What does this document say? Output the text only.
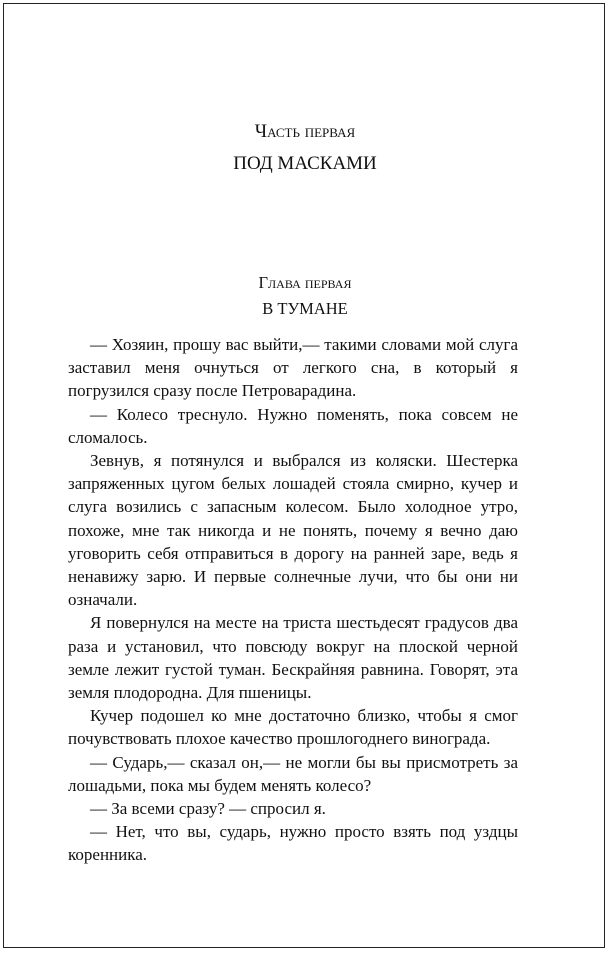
Часть первая
ПОД МАСКАМИ
Глава первая
В ТУМАНЕ

— Хозяин, прошу вас выйти,— такими словами мой слуга заставил меня очнуться от легкого сна, в который я погрузился сразу после Петроварадина.

— Колесо треснуло. Нужно поменять, пока совсем не сломалось.

Зевнув, я потянулся и выбрался из коляски. Шестерка запряженных цугом белых лошадей стояла смирно, кучер и слуга возились с запасным колесом. Было холодное утро, похоже, мне так никогда и не понять, почему я вечно даю уговорить себя отправиться в дорогу на ранней заре, ведь я ненавижу зарю. И первые солнечные лучи, что бы они ни означали.

Я повернулся на месте на триста шестьдесят градусов два раза и установил, что повсюду вокруг на плоской черной земле лежит густой туман. Бескрайняя равнина. Говорят, эта земля плодородна. Для пшеницы.

Кучер подошел ко мне достаточно близко, чтобы я смог почувствовать плохое качество прошлогоднего винограда.

— Сударь,— сказал он,— не могли бы вы присмотреть за лошадьми, пока мы будем менять колесо?

— За всеми сразу? — спросил я.

— Нет, что вы, сударь, нужно просто взять под уздцы коренника.
